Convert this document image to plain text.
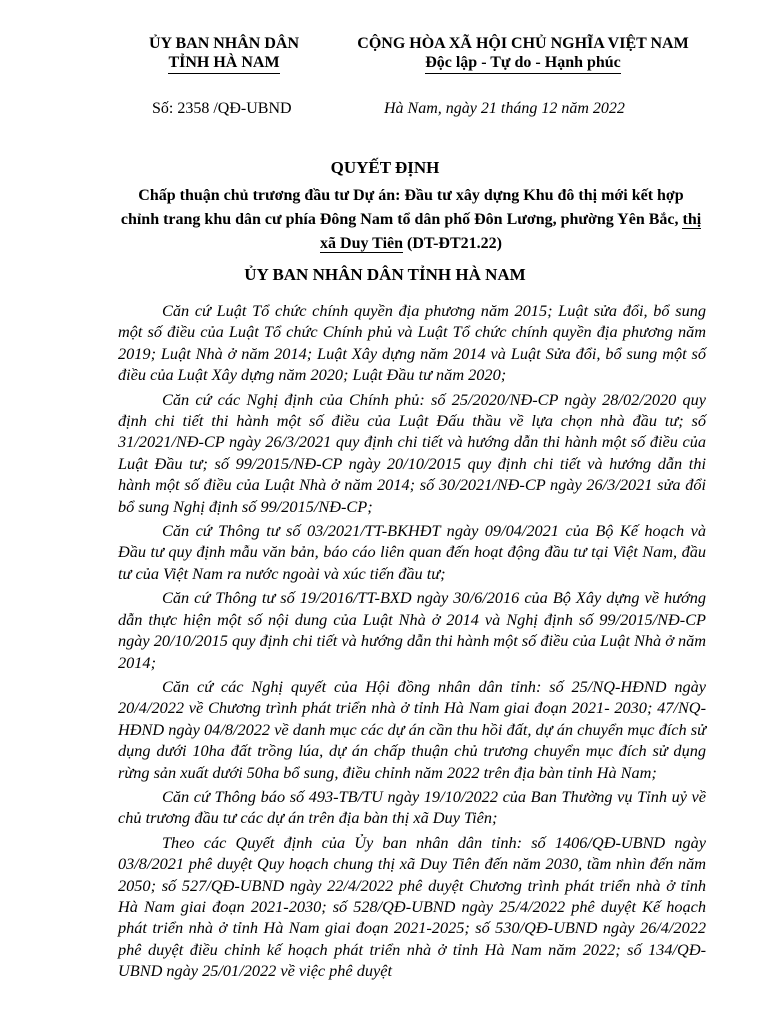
ỦY BAN NHÂN DÂN
TỈNH HÀ NAM
CỘNG HÒA XÃ HỘI CHỦ NGHĨA VIỆT NAM
Độc lập - Tự do - Hạnh phúc
Số: 2358 /QĐ-UBND	Hà Nam, ngày 21 tháng 12 năm 2022
QUYẾT ĐỊNH
Chấp thuận chủ trương đầu tư Dự án: Đầu tư xây dựng Khu đô thị mới kết hợp chỉnh trang khu dân cư phía Đông Nam tổ dân phố Đôn Lương, phường Yên Bắc, thị xã Duy Tiên (DT-ĐT21.22)
ỦY BAN NHÂN DÂN TỈNH HÀ NAM

Căn cứ Luật Tổ chức chính quyền địa phương năm 2015; Luật sửa đổi, bổ sung một số điều của Luật Tổ chức Chính phủ và Luật Tổ chức chính quyền địa phương năm 2019; Luật Nhà ở năm 2014; Luật Xây dựng năm 2014 và Luật Sửa đổi, bổ sung một số điều của Luật Xây dựng năm 2020; Luật Đầu tư năm 2020;

Căn cứ các Nghị định của Chính phủ: số 25/2020/NĐ-CP ngày 28/02/2020 quy định chi tiết thi hành một số điều của Luật Đấu thầu về lựa chọn nhà đầu tư; số 31/2021/NĐ-CP ngày 26/3/2021 quy định chi tiết và hướng dẫn thi hành một số điều của Luật Đầu tư; số 99/2015/NĐ-CP ngày 20/10/2015 quy định chi tiết và hướng dẫn thi hành một số điều của Luật Nhà ở năm 2014; số 30/2021/NĐ-CP ngày 26/3/2021 sửa đổi bổ sung Nghị định số 99/2015/NĐ-CP;

Căn cứ Thông tư số 03/2021/TT-BKHĐT ngày 09/04/2021 của Bộ Kế hoạch và Đầu tư quy định mẫu văn bản, báo cáo liên quan đến hoạt động đầu tư tại Việt Nam, đầu tư của Việt Nam ra nước ngoài và xúc tiến đầu tư;

Căn cứ Thông tư số 19/2016/TT-BXD ngày 30/6/2016 của Bộ Xây dựng về hướng dẫn thực hiện một số nội dung của Luật Nhà ở 2014 và Nghị định số 99/2015/NĐ-CP ngày 20/10/2015 quy định chi tiết và hướng dẫn thi hành một số điều của Luật Nhà ở năm 2014;

Căn cứ các Nghị quyết của Hội đồng nhân dân tỉnh: số 25/NQ-HĐND ngày 20/4/2022 về Chương trình phát triển nhà ở tỉnh Hà Nam giai đoạn 2021- 2030; 47/NQ-HĐND ngày 04/8/2022 về danh mục các dự án cần thu hồi đất, dự án chuyển mục đích sử dụng dưới 10ha đất trồng lúa, dự án chấp thuận chủ trương chuyển mục đích sử dụng rừng sản xuất dưới 50ha bổ sung, điều chỉnh năm 2022 trên địa bàn tỉnh Hà Nam;

Căn cứ Thông báo số 493-TB/TU ngày 19/10/2022 của Ban Thường vụ Tỉnh uỷ về chủ trương đầu tư các dự án trên địa bàn thị xã Duy Tiên;

Theo các Quyết định của Ủy ban nhân dân tỉnh: số 1406/QĐ-UBND ngày 03/8/2021 phê duyệt Quy hoạch chung thị xã Duy Tiên đến năm 2030, tầm nhìn đến năm 2050; số 527/QĐ-UBND ngày 22/4/2022 phê duyệt Chương trình phát triển nhà ở tỉnh Hà Nam giai đoạn 2021-2030; số 528/QĐ-UBND ngày 25/4/2022 phê duyệt Kế hoạch phát triển nhà ở tỉnh Hà Nam giai đoạn 2021-2025; số 530/QĐ-UBND ngày 26/4/2022 phê duyệt điều chỉnh kế hoạch phát triển nhà ở tỉnh Hà Nam năm 2022; số 134/QĐ-UBND ngày 25/01/2022 về việc phê duyệt
